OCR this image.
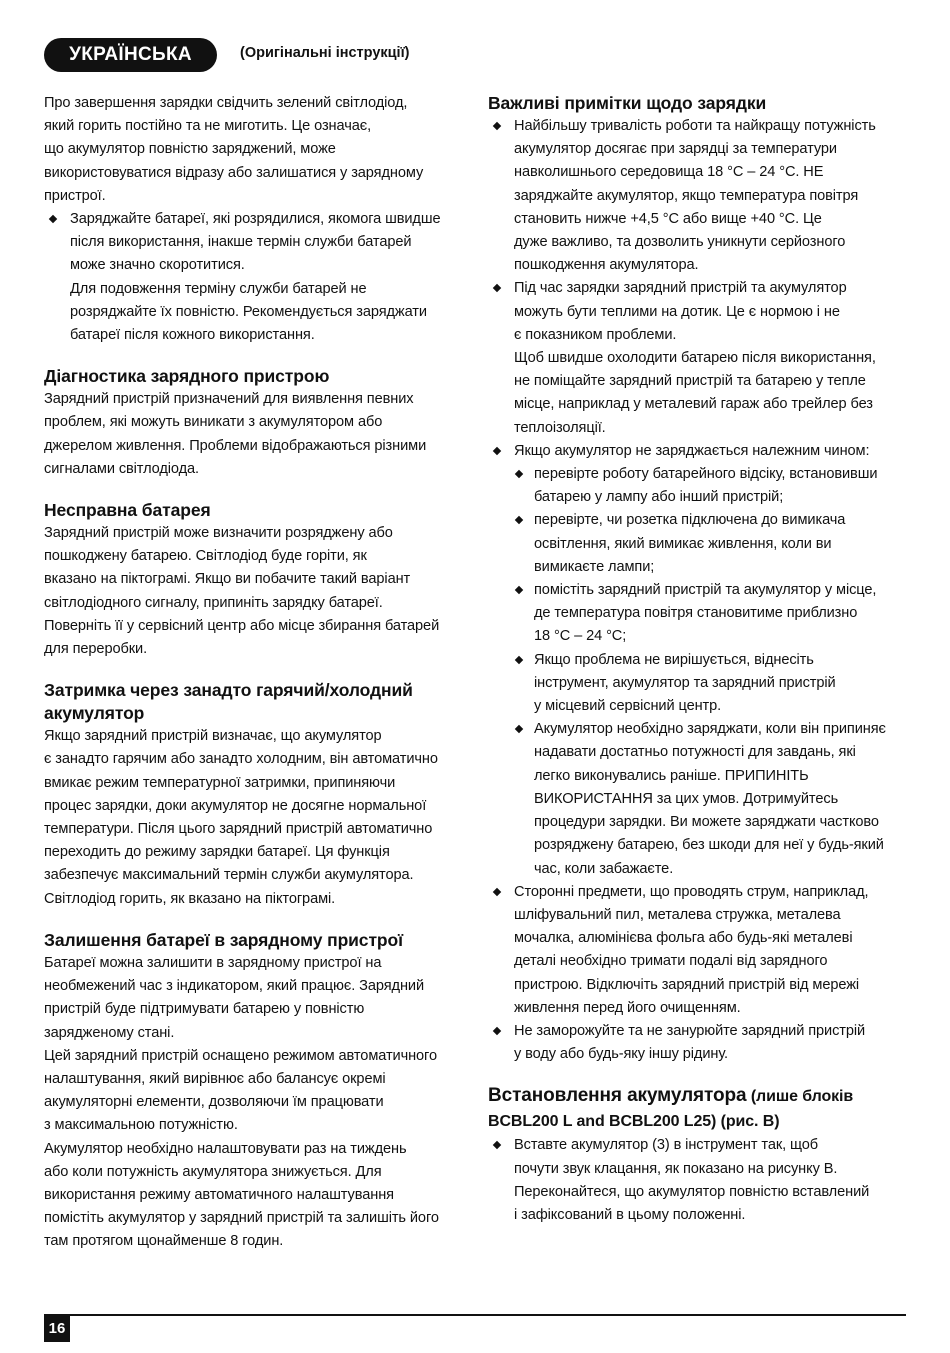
УКРАЇНСЬКА	(Оригінальні інструкції)
Про завершення зарядки свідчить зелений світлодіод,
який горить постійно та не миготить. Це означає,
що акумулятор повністю заряджений, може
використовуватися відразу або залишатися у зарядному
пристрої.
Заряджайте батареї, які розрядилися, якомога швидше
після використання, інакше термін служби батарей
може значно скоротитися.
Для подовження терміну служби батарей не
розряджайте їх повністю. Рекомендується заряджати
батареї після кожного використання.
Діагностика зарядного пристрою
Зарядний пристрій призначений для виявлення певних
проблем, які можуть виникати з акумулятором або
джерелом живлення. Проблеми відображаються різними
сигналами світлодіода.
Несправна батарея
Зарядний пристрій може визначити розряджену або
пошкоджену батарею. Світлодіод буде горіти, як
вказано на піктограмі. Якщо ви побачите такий варіант
світлодіодного сигналу, припиніть зарядку батареї.
Поверніть її у сервісний центр або місце збирання батарей
для переробки.
Затримка через занадто гарячий/холодний
акумулятор
Якщо зарядний пристрій визначає, що акумулятор
є занадто гарячим або занадто холодним, він автоматично
вмикає режим температурної затримки, припиняючи
процес зарядки, доки акумулятор не досягне нормальної
температури. Після цього зарядний пристрій автоматично
переходить до режиму зарядки батареї. Ця функція
забезпечує максимальний термін служби акумулятора.
Світлодіод горить, як вказано на піктограмі.
Залишення батареї в зарядному пристрої
Батареї можна залишити в зарядному пристрої на
необмежений час з індикатором, який працює. Зарядний
пристрій буде підтримувати батарею у повністю
зарядженому стані.
Цей зарядний пристрій оснащено режимом автоматичного
налаштування, який вирівнює або балансує окремі
акумуляторні елементи, дозволяючи їм працювати
з максимальною потужністю.
Акумулятор необхідно налаштовувати раз на тиждень
або коли потужність акумулятора знижується. Для
використання режиму автоматичного налаштування
помістіть акумулятор у зарядний пристрій та залишіть його
там протягом щонайменше 8 годин.
Важливі примітки щодо зарядки
Найбільшу тривалість роботи та найкращу потужність
акумулятор досягає при зарядці за температури
навколишнього середовища 18 °C – 24 °C. НЕ
заряджайте акумулятор, якщо температура повітря
становить нижче +4,5 °C або вище +40 °C. Це
дуже важливо, та дозволить уникнути серйозного
пошкодження акумулятора.
Під час зарядки зарядний пристрій та акумулятор
можуть бути теплими на дотик. Це є нормою і не
є показником проблеми.
Щоб швидше охолодити батарею після використання,
не поміщайте зарядний пристрій та батарею у тепле
місце, наприклад у металевий гараж або трейлер без
теплоізоляції.
Якщо акумулятор не заряджається належним чином:
перевірте роботу батарейного відсіку, встановивши
батарею у лампу або інший пристрій;
перевірте, чи розетка підключена до вимикача
освітлення, який вимикає живлення, коли ви
вимикаєте лампи;
помістіть зарядний пристрій та акумулятор у місце,
де температура повітря становитиме приблизно
18 °C – 24 °C;
Якщо проблема не вирішується, віднесіть
інструмент, акумулятор та зарядний пристрій
у місцевий сервісний центр.
Акумулятор необхідно заряджати, коли він припиняє
надавати достатньо потужності для завдань, які
легко виконувались раніше. ПРИПИНІТЬ
ВИКОРИСТАННЯ за цих умов. Дотримуйтесь
процедури зарядки. Ви можете заряджати частково
розряджену батарею, без шкоди для неї у будь-який
час, коли забажаєте.
Сторонні предмети, що проводять струм, наприклад,
шліфувальний пил, металева стружка, металева
мочалка, алюмінієва фольга або будь-які металеві
деталі необхідно тримати подалі від зарядного
пристрою. Відключіть зарядний пристрій від мережі
живлення перед його очищенням.
Не заморожуйте та не занурюйте зарядний пристрій
у воду або будь-яку іншу рідину.
Встановлення акумулятора (лише блоків
BCBL200 L and BCBL200 L25) (рис. B)
Вставте акумулятор (3) в інструмент так, щоб
почути звук клацання, як показано на рисунку B.
Переконайтеся, що акумулятор повністю вставлений
і зафіксований в цьому положенні.
16
